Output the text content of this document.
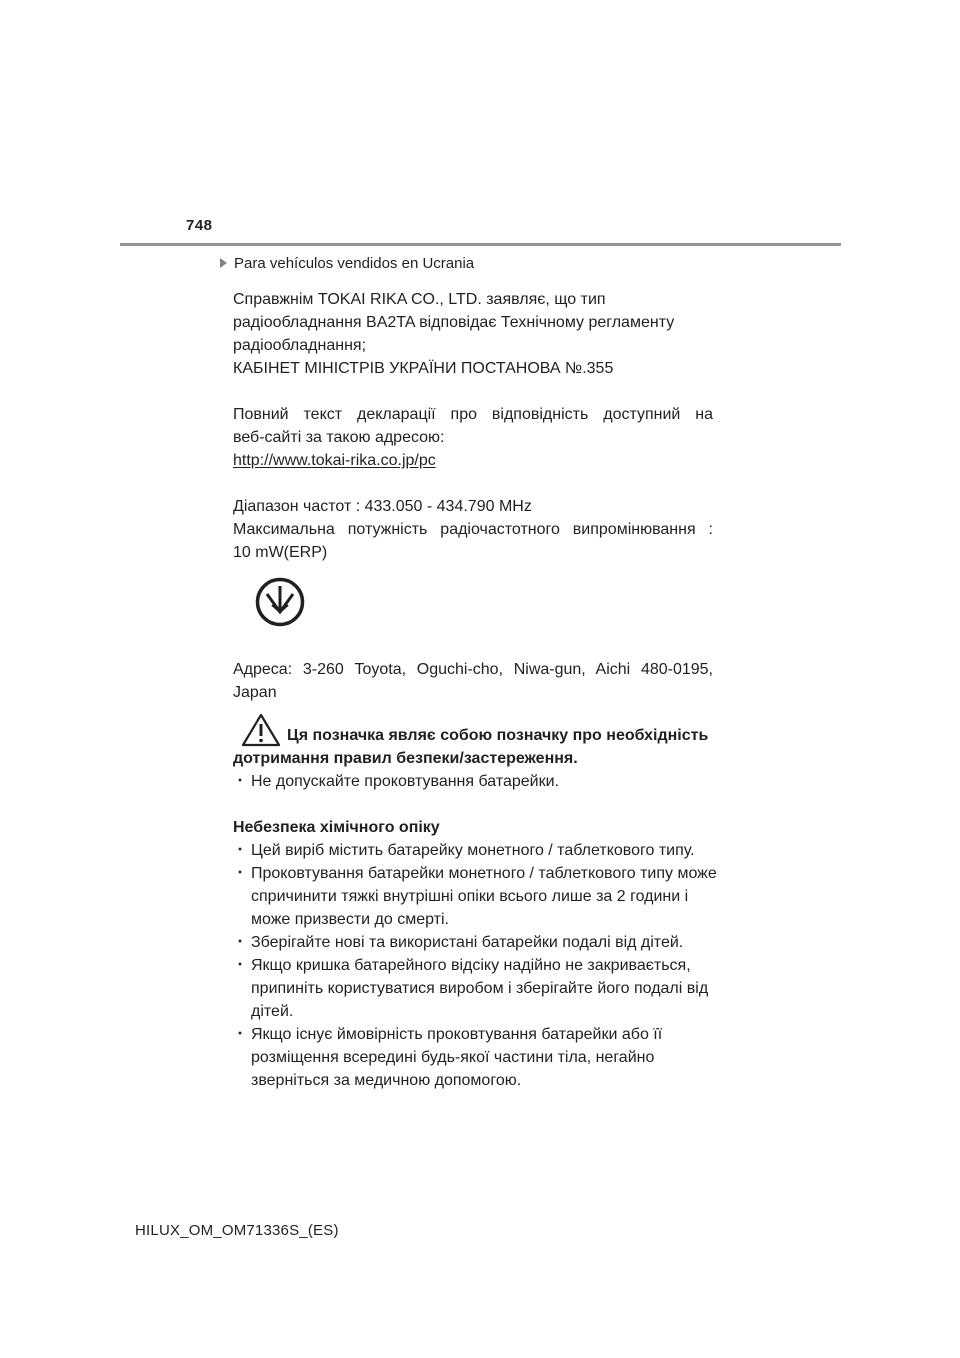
748
Para vehículos vendidos en Ucrania

Справжнім TOKAI RIKA CO., LTD. заявляє, що тип
радіообладнання BA2TA відповідає Технічному регламенту
радіообладнання;
КАБІНЕТ МІНІСТРІВ УКРАЇНИ ПОСТАНОВА №.355

Повний текст декларації про відповідність доступний на
веб-сайті за такою адресою:
http://www.tokai-rika.co.jp/pc

Діапазон частот : 433.050 - 434.790 MHz
Максимальна потужність радіочастотного випромінювання :
10 mW(ERP)

Адреса: 3-260 Toyota, Oguchi-cho, Niwa-gun, Aichi 480-0195,
Japan

Ця позначка являє собою позначку про необхідність
дотримання правил безпеки/застереження.
･ Не допускайте проковтування батарейки.

Небезпека хімічного опіку
･ Цей виріб містить батарейку монетного / таблеткового типу.
･ Проковтування батарейки монетного / таблеткового типу може
спричинити тяжкі внутрішні опіки всього лише за 2 години і
може призвести до смерті.
･ Зберігайте нові та використані батарейки подалі від дітей.
･ Якщо кришка батарейного відсіку надійно не закривається,
припиніть користуватися виробом і зберігайте його подалі від
дітей.
･ Якщо існує ймовірність проковтування батарейки або її
розміщення всередині будь-якої частини тіла, негайно
зверніться за медичною допомогою.

HILUX_OM_OM71336S_(ES)
